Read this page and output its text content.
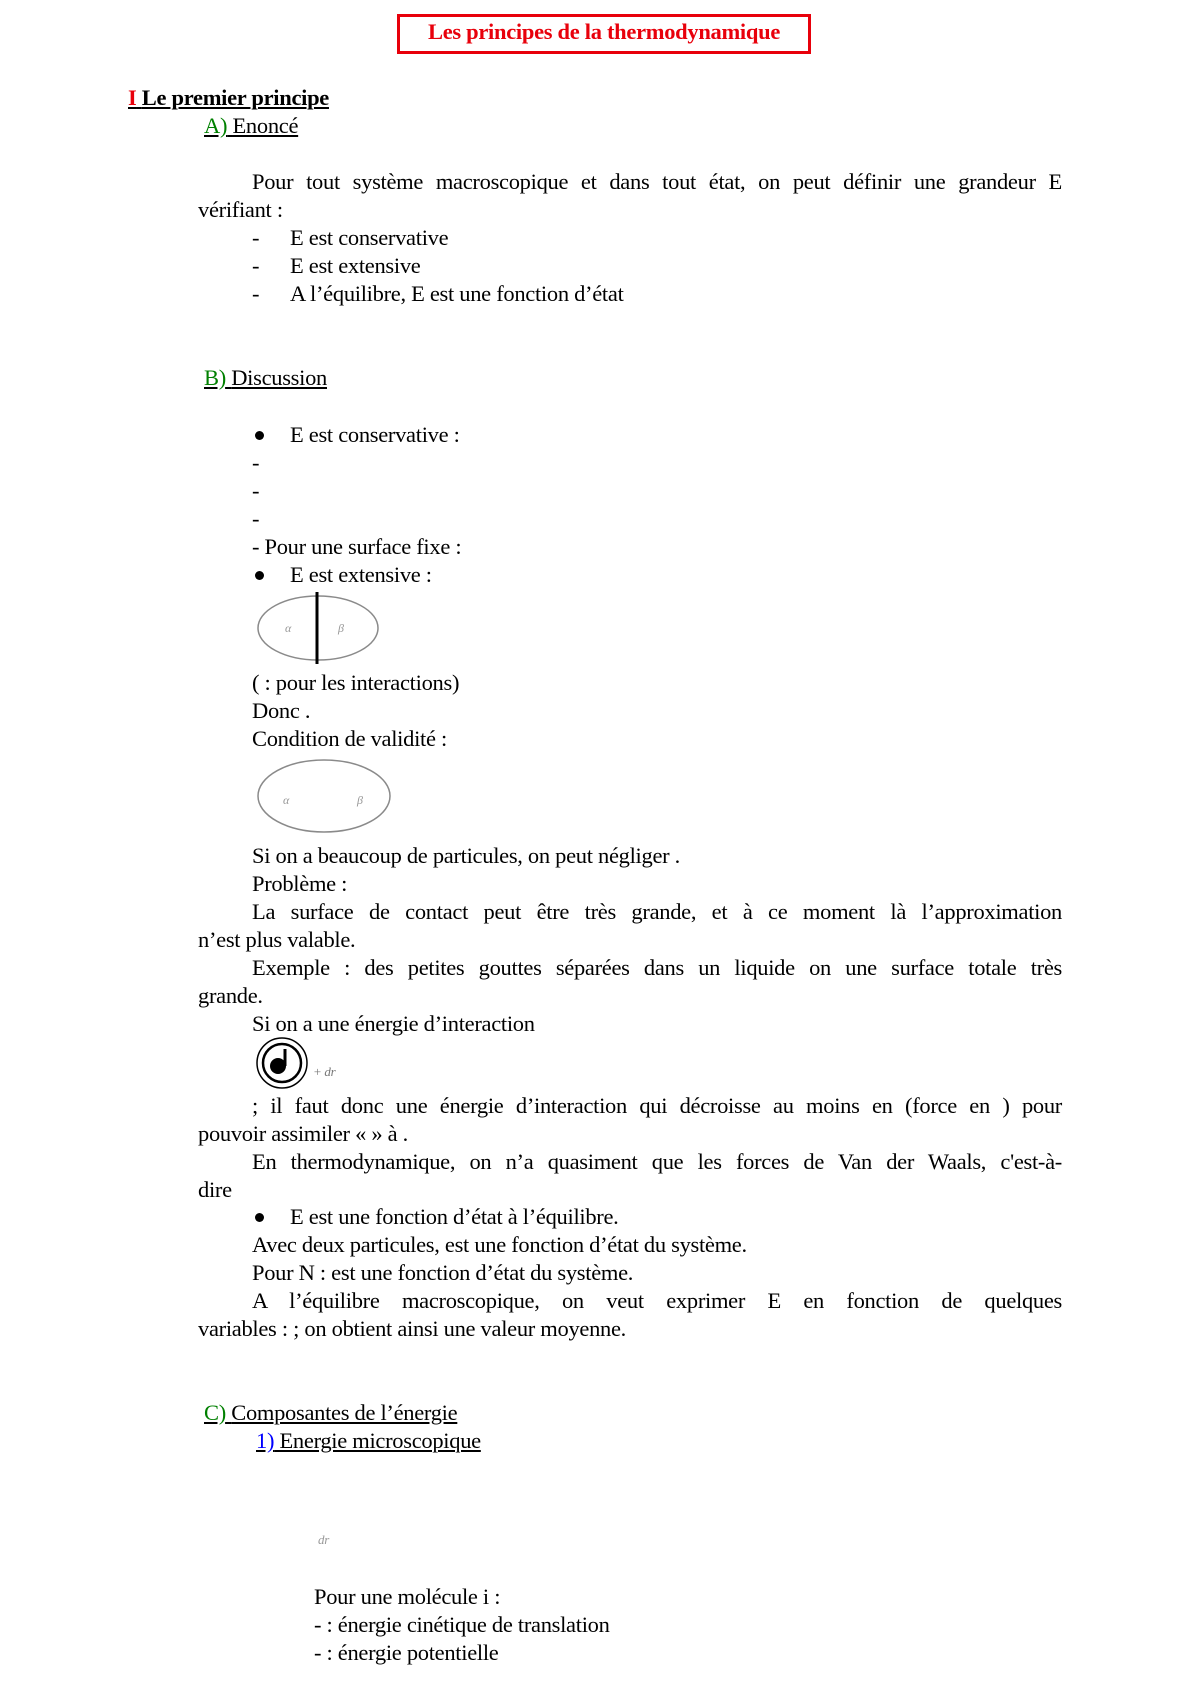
Les principes de la thermodynamique
I Le premier principe
A) Enoncé
Pour tout système macroscopique et dans tout état, on peut définir une grandeur E
vérifiant :
- E est conservative
- E est extensive
- A l’équilibre, E est une fonction d’état
B) Discussion
E est conservative :
-
-
-
- Pour une surface fixe :
E est extensive :
α	β
( : pour les interactions)
Donc .
Condition de validité :
α	β
Si on a beaucoup de particules, on peut négliger .
Problème :
La surface de contact peut être très grande, et à ce moment là l’approximation
n’est plus valable.
Exemple : des petites gouttes séparées dans un liquide on une surface totale très
grande.
Si on a une énergie d’interaction
+ dr
; il faut donc une énergie d’interaction qui décroisse au moins en (force en ) pour
pouvoir assimiler « » à .
En thermodynamique, on n’a quasiment que les forces de Van der Waals, c'est-à-
dire
E est une fonction d’état à l’équilibre.
Avec deux particules, est une fonction d’état du système.
Pour N : est une fonction d’état du système.
A l’équilibre macroscopique, on veut exprimer E en fonction de quelques
variables : ; on obtient ainsi une valeur moyenne.
C) Composantes de l’énergie
1) Energie microscopique
dr
Pour une molécule i :
- : énergie cinétique de translation
- : énergie potentielle
